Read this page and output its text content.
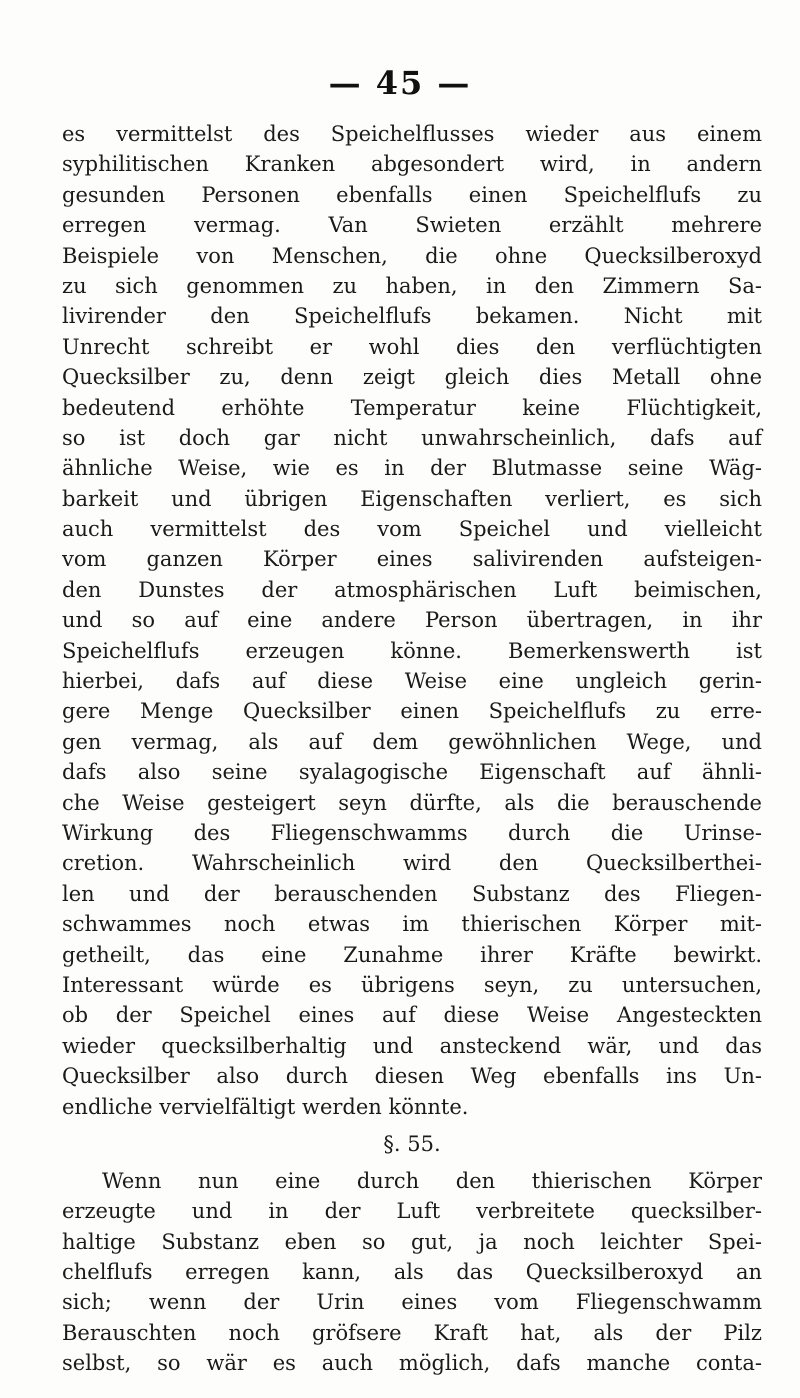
— 45 —
es vermittelst des Speichelflusses wieder aus einem
syphilitischen Kranken abgesondert wird, in andern
gesunden Personen ebenfalls einen Speichelflufs zu
erregen vermag. Van Swieten erzählt mehrere
Beispiele von Menschen, die ohne Quecksilberoxyd
zu sich genommen zu haben, in den Zimmern Sa-
livirender den Speichelflufs bekamen. Nicht mit
Unrecht schreibt er wohl dies den verflüchtigten
Quecksilber zu, denn zeigt gleich dies Metall ohne
bedeutend erhöhte Temperatur keine Flüchtigkeit,
so ist doch gar nicht unwahrscheinlich, dafs auf
ähnliche Weise, wie es in der Blutmasse seine Wäg-
barkeit und übrigen Eigenschaften verliert, es sich
auch vermittelst des vom Speichel und vielleicht
vom ganzen Körper eines salivirenden aufsteigen-
den Dunstes der atmosphärischen Luft beimischen,
und so auf eine andere Person übertragen, in ihr
Speichelflufs erzeugen könne. Bemerkenswerth ist
hierbei, dafs auf diese Weise eine ungleich gerin-
gere Menge Quecksilber einen Speichelflufs zu erre-
gen vermag, als auf dem gewöhnlichen Wege, und
dafs also seine syalagogische Eigenschaft auf ähnli-
che Weise gesteigert seyn dürfte, als die berauschende
Wirkung des Fliegenschwamms durch die Urinse-
cretion. Wahrscheinlich wird den Quecksilberthei-
len und der berauschenden Substanz des Fliegen-
schwammes noch etwas im thierischen Körper mit-
getheilt, das eine Zunahme ihrer Kräfte bewirkt.
Interessant würde es übrigens seyn, zu untersuchen,
ob der Speichel eines auf diese Weise Angesteckten
wieder quecksilberhaltig und ansteckend wär, und das
Quecksilber also durch diesen Weg ebenfalls ins Un-
endliche vervielfältigt werden könnte.
§. 55.
Wenn nun eine durch den thierischen Körper
erzeugte und in der Luft verbreitete quecksilber-
haltige Substanz eben so gut, ja noch leichter Spei-
chelflufs erregen kann, als das Quecksilberoxyd an
sich; wenn der Urin eines vom Fliegenschwamm
Berauschten noch gröfsere Kraft hat, als der Pilz
selbst, so wär es auch möglich, dafs manche conta-
